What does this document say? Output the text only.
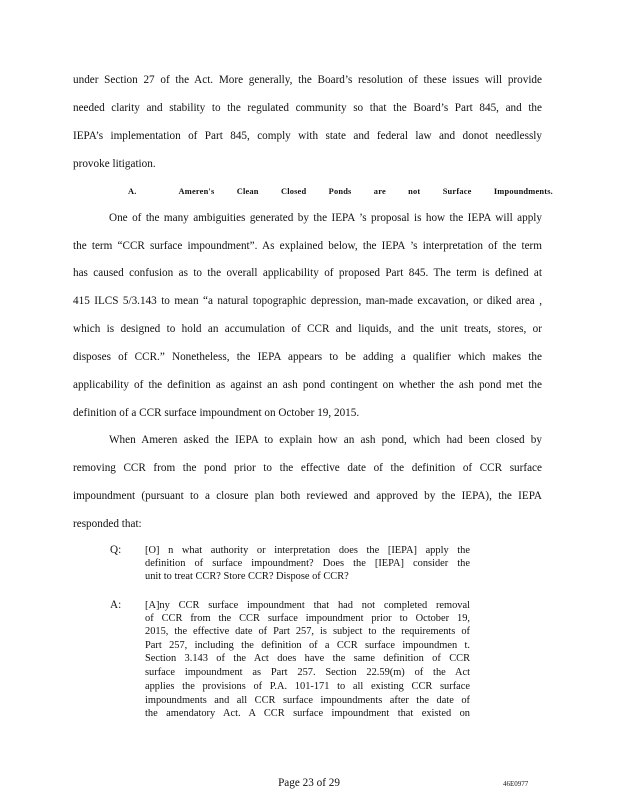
under Section 27 of the Act. More generally, the Board’s resolution of these issues will provide
needed clarity and stability to the regulated community so that the Board’s Part 845, and the
IEPA’s implementation of Part 845, comply with state and federal law and donot needlessly
provoke litigation.
A.	Ameren's Clean Closed Ponds are not Surface Impoundments.
One of the many ambiguities generated by the IEPA ’s proposal is how the IEPA will apply
the term “CCR surface impoundment”. As explained below, the IEPA ’s interpretation of the term
has caused confusion as to the overall applicability of proposed Part 845. The term is defined at
415 ILCS 5/3.143 to mean “a natural topographic depression, man-made excavation, or diked area ,
which is designed to hold an accumulation of CCR and liquids, and the unit treats, stores, or
disposes of CCR.” Nonetheless, the IEPA appears to be adding a qualifier which makes the
applicability of the definition as against an ash pond contingent on whether the ash pond met the
definition of a CCR surface impoundment on October 19, 2015.
When Ameren asked the IEPA to explain how an ash pond, which had been closed by
removing CCR from the pond prior to the effective date of the definition of CCR surface
impoundment (pursuant to a closure plan both reviewed and approved by the IEPA), the IEPA
responded that:
Q: [O] n what authority or interpretation does the [IEPA] apply the
definition of surface impoundment? Does the [IEPA] consider the
unit to treat CCR? Store CCR? Dispose of CCR?
A: [A]ny CCR surface impoundment that had not completed removal
of CCR from the CCR surface impoundment prior to October 19,
2015, the effective date of Part 257, is subject to the requirements of
Part 257, including the definition of a CCR surface impoundmen t.
Section 3.143 of the Act does have the same definition of CCR
surface impoundment as Part 257. Section 22.59(m) of the Act
applies the provisions of P.A. 101-171 to all existing CCR surface
impoundments and all CCR surface impoundments after the date of
the amendatory Act. A CCR surface impoundment that existed on
Page 23 of 29	46E0977
